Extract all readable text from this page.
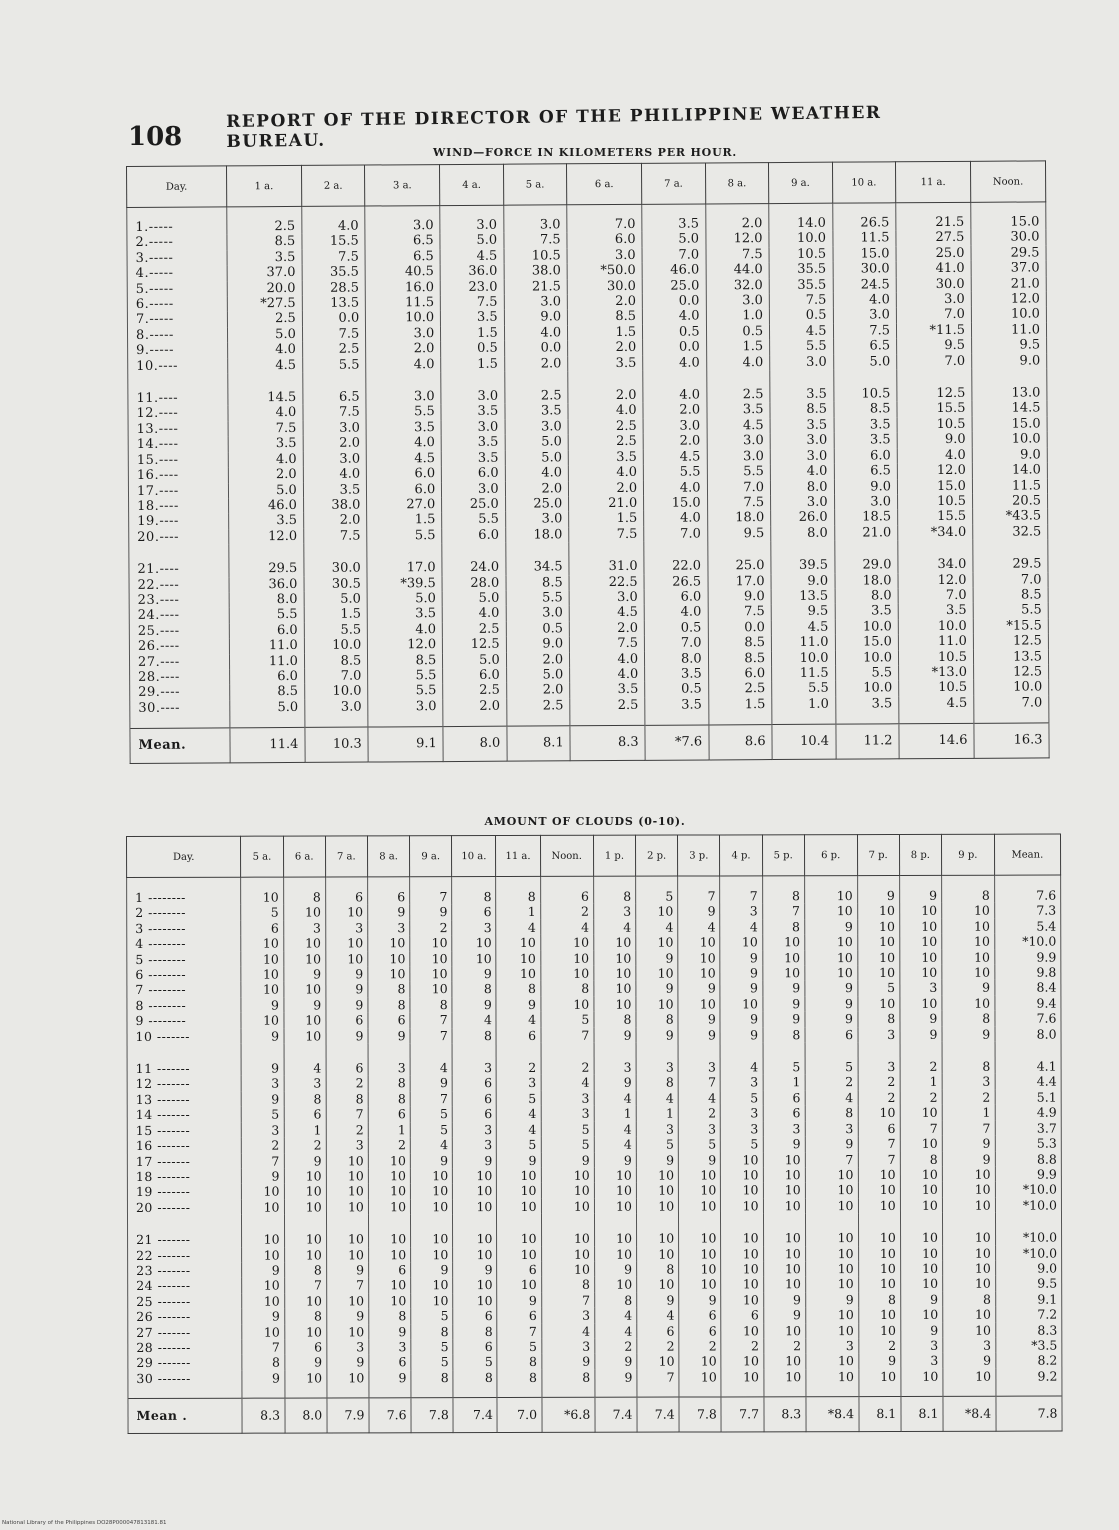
108
REPORT OF THE DIRECTOR OF THE PHILIPPINE WEATHER BUREAU.
WIND—FORCE IN KILOMETERS PER HOUR.
Day.	1 a.	2 a.	3 a.	4 a.	5 a.	6 a.	7 a.	8 a.	9 a.	10 a.	11 a.	Noon.
1.-----	2.5	4.0	3.0	3.0	3.0	7.0	3.5	2.0	14.0	26.5	21.5	15.0
2.-----	8.5	15.5	6.5	5.0	7.5	6.0	5.0	12.0	10.0	11.5	27.5	30.0
3.-----	3.5	7.5	6.5	4.5	10.5	3.0	7.0	7.5	10.5	15.0	25.0	29.5
4.-----	37.0	35.5	40.5	36.0	38.0	*50.0	46.0	44.0	35.5	30.0	41.0	37.0
5.-----	20.0	28.5	16.0	23.0	21.5	30.0	25.0	32.0	35.5	24.5	30.0	21.0
6.-----	*27.5	13.5	11.5	7.5	3.0	2.0	0.0	3.0	7.5	4.0	3.0	12.0
7.-----	2.5	0.0	10.0	3.5	9.0	8.5	4.0	1.0	0.5	3.0	7.0	10.0
8.-----	5.0	7.5	3.0	1.5	4.0	1.5	0.5	0.5	4.5	7.5	*11.5	11.0
9.-----	4.0	2.5	2.0	0.5	0.0	2.0	0.0	1.5	5.5	6.5	9.5	9.5
10.----	4.5	5.5	4.0	1.5	2.0	3.5	4.0	4.0	3.0	5.0	7.0	9.0
11.----	14.5	6.5	3.0	3.0	2.5	2.0	4.0	2.5	3.5	10.5	12.5	13.0
12.----	4.0	7.5	5.5	3.5	3.5	4.0	2.0	3.5	8.5	8.5	15.5	14.5
13.----	7.5	3.0	3.5	3.0	3.0	2.5	3.0	4.5	3.5	3.5	10.5	15.0
14.----	3.5	2.0	4.0	3.5	5.0	2.5	2.0	3.0	3.0	3.5	9.0	10.0
15.----	4.0	3.0	4.5	3.5	5.0	3.5	4.5	3.0	3.0	6.0	4.0	9.0
16.----	2.0	4.0	6.0	6.0	4.0	4.0	5.5	5.5	4.0	6.5	12.0	14.0
17.----	5.0	3.5	6.0	3.0	2.0	2.0	4.0	7.0	8.0	9.0	15.0	11.5
18.----	46.0	38.0	27.0	25.0	25.0	21.0	15.0	7.5	3.0	3.0	10.5	20.5
19.----	3.5	2.0	1.5	5.5	3.0	1.5	4.0	18.0	26.0	18.5	15.5	*43.5
20.----	12.0	7.5	5.5	6.0	18.0	7.5	7.0	9.5	8.0	21.0	*34.0	32.5
21.----	29.5	30.0	17.0	24.0	34.5	31.0	22.0	25.0	39.5	29.0	34.0	29.5
22.----	36.0	30.5	*39.5	28.0	8.5	22.5	26.5	17.0	9.0	18.0	12.0	7.0
23.----	8.0	5.0	5.0	5.0	5.5	3.0	6.0	9.0	13.5	8.0	7.0	8.5
24.----	5.5	1.5	3.5	4.0	3.0	4.5	4.0	7.5	9.5	3.5	3.5	5.5
25.----	6.0	5.5	4.0	2.5	0.5	2.0	0.5	0.0	4.5	10.0	10.0	*15.5
26.----	11.0	10.0	12.0	12.5	9.0	7.5	7.0	8.5	11.0	15.0	11.0	12.5
27.----	11.0	8.5	8.5	5.0	2.0	4.0	8.0	8.5	10.0	10.0	10.5	13.5
28.----	6.0	7.0	5.5	6.0	5.0	4.0	3.5	6.0	11.5	5.5	*13.0	12.5
29.----	8.5	10.0	5.5	2.5	2.0	3.5	0.5	2.5	5.5	10.0	10.5	10.0
30.----	5.0	3.0	3.0	2.0	2.5	2.5	3.5	1.5	1.0	3.5	4.5	7.0
Mean.	11.4	10.3	9.1	8.0	8.1	8.3	*7.6	8.6	10.4	11.2	14.6	16.3
AMOUNT OF CLOUDS (0-10).
Day.	5 a.	6 a.	7 a.	8 a.	9 a.	10 a.	11 a.	Noon.	1 p.	2 p.	3 p.	4 p.	5 p.	6 p.	7 p.	8 p.	9 p.	Mean.
1 --------	10	8	6	6	7	8	8	6	8	5	7	7	8	10	9	9	8	7.6
2 --------	5	10	10	9	9	6	1	2	3	10	9	3	7	10	10	10	10	7.3
3 --------	6	3	3	3	2	3	4	4	4	4	4	4	8	9	10	10	10	5.4
4 --------	10	10	10	10	10	10	10	10	10	10	10	10	10	10	10	10	10	*10.0
5 --------	10	10	10	10	10	10	10	10	10	9	10	9	10	10	10	10	10	9.9
6 --------	10	9	9	10	10	9	10	10	10	10	10	9	10	10	10	10	10	9.8
7 --------	10	10	9	8	10	8	8	8	10	9	9	9	9	9	5	3	9	8.4
8 --------	9	9	9	8	8	9	9	10	10	10	10	10	9	9	10	10	10	9.4
9 --------	10	10	6	6	7	4	4	5	8	8	9	9	9	9	8	9	8	7.6
10 -------	9	10	9	9	7	8	6	7	9	9	9	9	8	6	3	9	9	8.0
11 -------	9	4	6	3	4	3	2	2	3	3	3	4	5	5	3	2	8	4.1
12 -------	3	3	2	8	9	6	3	4	9	8	7	3	1	2	2	1	3	4.4
13 -------	9	8	8	8	7	6	5	3	4	4	4	5	6	4	2	2	2	5.1
14 -------	5	6	7	6	5	6	4	3	1	1	2	3	6	8	10	10	1	4.9
15 -------	3	1	2	1	5	3	4	5	4	3	3	3	3	3	6	7	7	3.7
16 -------	2	2	3	2	4	3	5	5	4	5	5	5	9	9	7	10	9	5.3
17 -------	7	9	10	10	9	9	9	9	9	9	9	10	10	7	7	8	9	8.8
18 -------	9	10	10	10	10	10	10	10	10	10	10	10	10	10	10	10	10	9.9
19 -------	10	10	10	10	10	10	10	10	10	10	10	10	10	10	10	10	10	*10.0
20 -------	10	10	10	10	10	10	10	10	10	10	10	10	10	10	10	10	10	*10.0
21 -------	10	10	10	10	10	10	10	10	10	10	10	10	10	10	10	10	10	*10.0
22 -------	10	10	10	10	10	10	10	10	10	10	10	10	10	10	10	10	10	*10.0
23 -------	9	8	9	6	9	9	6	10	9	8	10	10	10	10	10	10	10	9.0
24 -------	10	7	7	10	10	10	10	8	10	10	10	10	10	10	10	10	10	9.5
25 -------	10	10	10	10	10	10	9	7	8	9	9	10	9	9	8	9	8	9.1
26 -------	9	8	9	8	5	6	6	3	4	4	6	6	9	10	10	10	10	7.2
27 -------	10	10	10	9	8	8	7	4	4	6	6	10	10	10	10	9	10	8.3
28 -------	7	6	3	3	5	6	5	3	2	2	2	2	2	3	2	3	3	*3.5
29 -------	8	9	9	6	5	5	8	9	9	10	10	10	10	10	9	3	9	8.2
30 -------	9	10	10	9	8	8	8	8	9	7	10	10	10	10	10	10	10	9.2
Mean .	8.3	8.0	7.9	7.6	7.8	7.4	7.0	*6.8	7.4	7.4	7.8	7.7	8.3	*8.4	8.1	8.1	*8.4	7.8
National Library of the Philippines DO28P000047813181.81
